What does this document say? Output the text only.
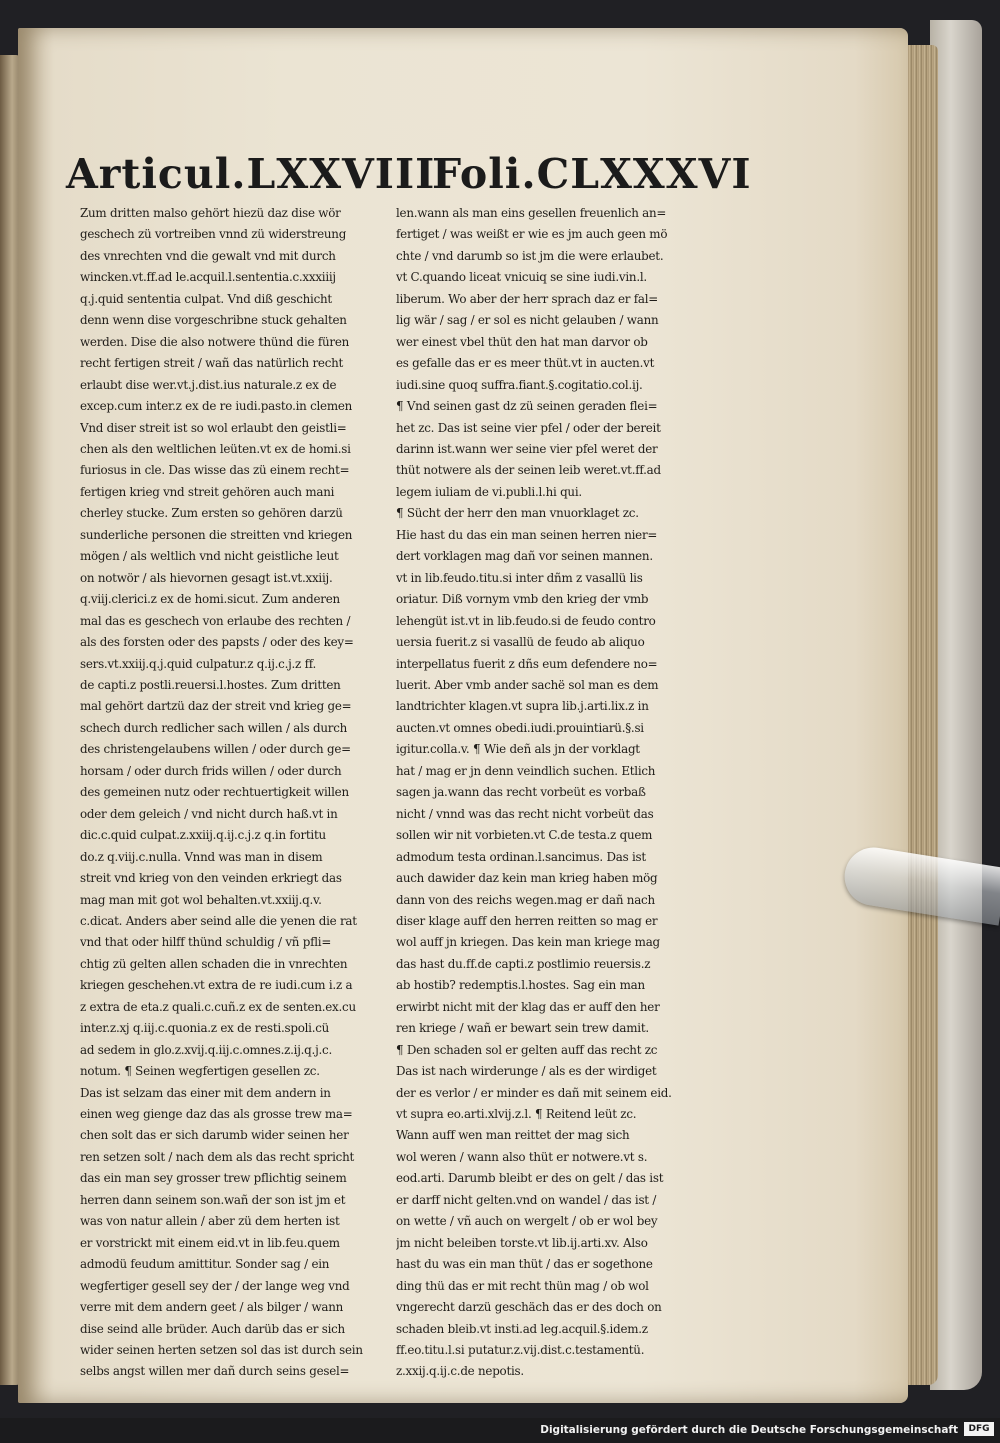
Articul.LXXVIII
Foli.CLXXXVI
Zum dritten malso gehört hiezü daz dise wör
geschech zü vortreiben vnnd zü widerstreung
des vnrechten vnd die gewalt vnd mit durch
wincken.vt.ff.ad le.acquil.l.sententia.c.xxxiiij
q.j.quid sententia culpat. Vnd diß geschicht
denn wenn dise vorgeschribne stuck gehalten
werden. Dise die also notwere thünd die füren
recht fertigen streit / wañ das natürlich recht
erlaubt dise wer.vt.j.dist.ius naturale.z ex de
excep.cum inter.z ex de re iudi.pasto.in clemen
Vnd diser streit ist so wol erlaubt den geistli=
chen als den weltlichen leüten.vt ex de homi.si
furiosus in cle. Das wisse das zü einem recht=
fertigen krieg vnd streit gehören auch mani
cherley stucke. Zum ersten so gehören darzü
sunderliche personen die streitten vnd kriegen
mögen / als weltlich vnd nicht geistliche leut
on notwör / als hievornen gesagt ist.vt.xxiij.
q.viij.clerici.z ex de homi.sicut. Zum anderen
mal das es geschech von erlaube des rechten /
als des forsten oder des papsts / oder des key=
sers.vt.xxiij.q.j.quid culpatur.z q.ij.c.j.z ff.
de capti.z postli.reuersi.l.hostes. Zum dritten
mal gehört dartzü daz der streit vnd krieg ge=
schech durch redlicher sach willen / als durch
des christengelaubens willen / oder durch ge=
horsam / oder durch frids willen / oder durch
des gemeinen nutz oder rechtuertigkeit willen
oder dem geleich / vnd nicht durch haß.vt in
dic.c.quid culpat.z.xxiij.q.ij.c.j.z q.in fortitu
do.z q.viij.c.nulla. Vnnd was man in disem
streit vnd krieg von den veinden erkriegt das
mag man mit got wol behalten.vt.xxiij.q.v.
c.dicat. Anders aber seind alle die yenen die rat
vnd that oder hilff thünd schuldig / vñ pfli=
chtig zü gelten allen schaden die in vnrechten
kriegen geschehen.vt extra de re iudi.cum i.z a
z extra de eta.z quali.c.cuñ.z ex de senten.ex.cu
inter.z.xj q.iij.c.quonia.z ex de resti.spoli.cü
ad sedem in glo.z.xvij.q.iij.c.omnes.z.ij.q.j.c.
notum. ¶ Seinen wegfertigen gesellen zc.
Das ist selzam das einer mit dem andern in
einen weg gienge daz das als grosse trew ma=
chen solt das er sich darumb wider seinen her
ren setzen solt / nach dem als das recht spricht
das ein man sey grosser trew pflichtig seinem
herren dann seinem son.wañ der son ist jm et
was von natur allein / aber zü dem herten ist
er vorstrickt mit einem eid.vt in lib.feu.quem
admodü feudum amittitur. Sonder sag / ein
wegfertiger gesell sey der / der lange weg vnd
verre mit dem andern geet / als bilger / wann
dise seind alle brüder. Auch darüb das er sich
wider seinen herten setzen sol das ist durch sein
selbs angst willen mer dañ durch seins gesel=
len.wann als man eins gesellen freuenlich an=
fertiget / was weißt er wie es jm auch geen mö
chte / vnd darumb so ist jm die were erlaubet.
vt C.quando liceat vnicuiq se sine iudi.vin.l.
liberum. Wo aber der herr sprach daz er fal=
lig wär / sag / er sol es nicht gelauben / wann
wer einest vbel thüt den hat man darvor ob
es gefalle das er es meer thüt.vt in aucten.vt
iudi.sine quoq suffra.fiant.§.cogitatio.col.ij.
¶ Vnd seinen gast dz zü seinen geraden flei=
het zc. Das ist seine vier pfel / oder der bereit
darinn ist.wann wer seine vier pfel weret der
thüt notwere als der seinen leib weret.vt.ff.ad
legem iuliam de vi.publi.l.hi qui.
¶ Sücht der herr den man vnuorklaget zc.
Hie hast du das ein man seinen herren nier=
dert vorklagen mag dañ vor seinen mannen.
vt in lib.feudo.titu.si inter dñm z vasallü lis
oriatur. Diß vornym vmb den krieg der vmb
lehengüt ist.vt in lib.feudo.si de feudo contro
uersia fuerit.z si vasallü de feudo ab aliquo
interpellatus fuerit z dñs eum defendere no=
luerit. Aber vmb ander sachë sol man es dem
landtrichter klagen.vt supra lib.j.arti.lix.z in
aucten.vt omnes obedi.iudi.prouintiarü.§.si
igitur.colla.v. ¶ Wie deñ als jn der vorklagt
hat / mag er jn denn veindlich suchen. Etlich
sagen ja.wann das recht vorbeüt es vorbaß
nicht / vnnd was das recht nicht vorbeüt das
sollen wir nit vorbieten.vt C.de testa.z quem
admodum testa ordinan.l.sancimus. Das ist
auch dawider daz kein man krieg haben mög
dann von des reichs wegen.mag er dañ nach
diser klage auff den herren reitten so mag er
wol auff jn kriegen. Das kein man kriege mag
das hast du.ff.de capti.z postlimio reuersis.z
ab hostib? redemptis.l.hostes. Sag ein man
erwirbt nicht mit der klag das er auff den her
ren kriege / wañ er bewart sein trew damit.
¶ Den schaden sol er gelten auff das recht zc
Das ist nach wirderunge / als es der wirdiget
der es verlor / er minder es dañ mit seinem eid.
vt supra eo.arti.xlvij.z.l. ¶ Reitend leüt zc.
Wann auff wen man reittet der mag sich
wol weren / wann also thüt er notwere.vt s.
eod.arti. Darumb bleibt er des on gelt / das ist
er darff nicht gelten.vnd on wandel / das ist /
on wette / vñ auch on wergelt / ob er wol bey
jm nicht beleiben torste.vt lib.ij.arti.xv. Also
hast du was ein man thüt / das er sogethone
ding thü das er mit recht thün mag / ob wol
vngerecht darzü geschäch das er des doch on
schaden bleib.vt insti.ad leg.acquil.§.idem.z
ff.eo.titu.l.si putatur.z.vij.dist.c.testamentü.
z.xxij.q.ij.c.de nepotis.
Digitalisierung gefördert durch die Deutsche Forschungsgemeinschaft	DFG
